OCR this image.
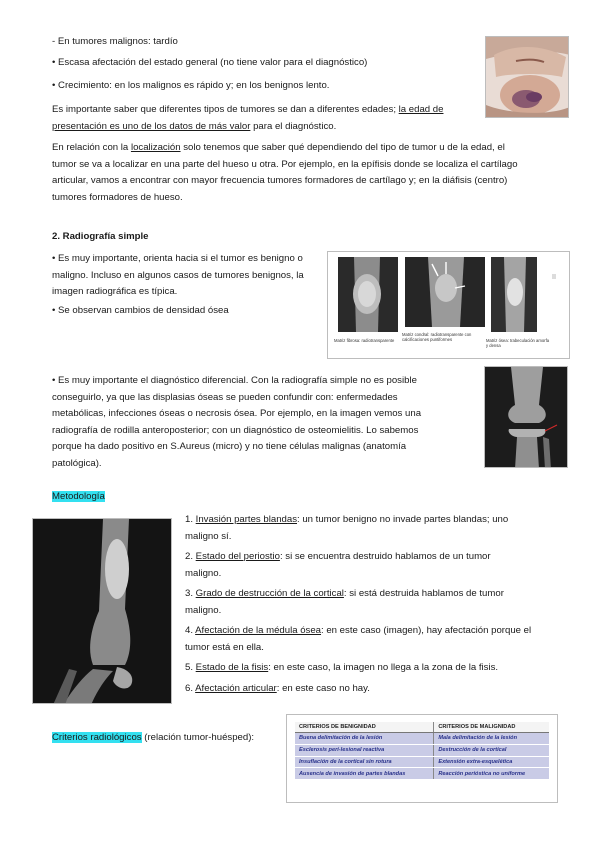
- En tumores malignos: tardío
• Escasa afectación del estado general (no tiene valor para el diagnóstico)
• Crecimiento: en los malignos es rápido y; en los benignos lento.
Es importante saber que diferentes tipos de tumores se dan a diferentes edades; la edad de
presentación es uno de los datos de más valor para el diagnóstico.
En relación con la localización solo tenemos que saber qué dependiendo del tipo de tumor u de la edad, el
tumor se va a localizar en una parte del hueso u otra. Por ejemplo, en la epífisis donde se localiza el cartílago
articular, vamos a encontrar con mayor frecuencia tumores formadores de cartílago y; en la diáfisis (centro)
tumores formadores de hueso.
2. Radiografía simple
• Es muy importante, orienta hacia si el tumor es benigno o
maligno. Incluso en algunos casos de tumores benignos, la
imagen radiográfica es típica.
• Se observan cambios de densidad ósea
Matriz fibrosa: radiotransparente
Matriz condral: radiotransparente con
calcificaciones puntiformes	Matriz ósea: trabeculación amorfa
y densa
• Es muy importante el diagnóstico diferencial. Con la radiografía simple no es posible
conseguirlo, ya que las displasias óseas se pueden confundir con: enfermedades
metabólicas, infecciones óseas o necrosis ósea. Por ejemplo, en la imagen vemos una
radiografía de rodilla anteroposterior; con un diagnóstico de osteomielitis. Lo sabemos
porque ha dado positivo en S.Aureus (micro) y no tiene células malignas (anatomía
patológica).
Metodología
1. Invasión partes blandas: un tumor benigno no invade partes blandas; uno
maligno sí.
2. Estado del periostio: si se encuentra destruido hablamos de un tumor
maligno.
3. Grado de destrucción de la cortical: si está destruida hablamos de tumor
maligno.
4. Afectación de la médula ósea: en este caso (imagen), hay afectación porque el
tumor está en ella.
5. Estado de la fisis: en este caso, la imagen no llega a la zona de la fisis.
6. Afectación articular: en este caso no hay.
Criterios radiológicos (relación tumor-huésped):
CRITERIOS DE BENIGNIDAD	CRITERIOS DE MALIGNIDAD
Buena delimitación de la lesión	Mala delimitación de la lesión
Esclerosis peri-lesional reactiva	Destrucción de la cortical
Insuflación de la cortical sin rotura	Extensión extra-esquelética
Ausencia de invasión de partes blandas	Reacción perióstica no uniforme
